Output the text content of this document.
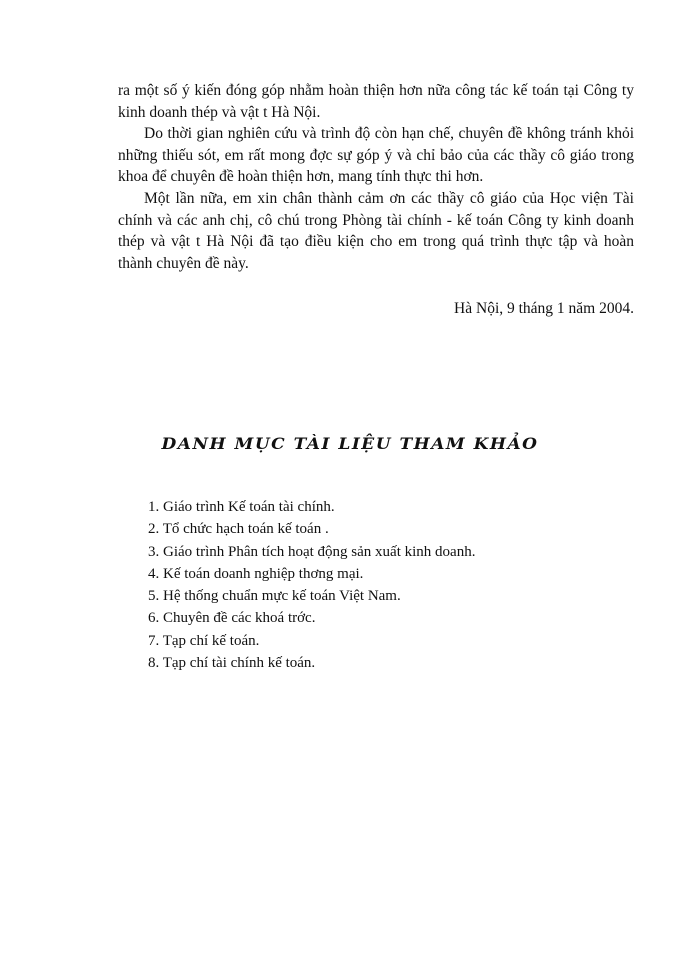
ra một số ý kiến đóng góp nhằm hoàn thiện hơn nữa công tác kế toán tại Công ty kinh doanh thép và vật t Hà Nội.

Do thời gian nghiên cứu và trình độ còn hạn chế, chuyên đề không tránh khỏi những thiếu sót, em rất mong đợc sự góp ý và chỉ bảo của các thầy cô giáo trong khoa để chuyên đề hoàn thiện hơn, mang tính thực thi hơn.

Một lần nữa, em xin chân thành cảm ơn các thầy cô giáo của Học viện Tài chính và các anh chị, cô chú trong Phòng tài chính - kế toán Công ty kinh doanh thép và vật t Hà Nội đã tạo điều kiện cho em trong quá trình thực tập và hoàn thành chuyên đề này.

Hà Nội, 9 tháng 1 năm 2004.
DANH MỤC TÀI LIỆU THAM KHẢO
1. Giáo trình Kế toán tài chính.
2. Tổ chức hạch toán kế toán .
3. Giáo trình Phân tích hoạt động sản xuất kinh doanh.
4. Kế toán doanh nghiệp thơng mại.
5. Hệ thống chuẩn mực kế toán Việt Nam.
6. Chuyên đề các khoá trớc.
7. Tạp chí kế toán.
8. Tạp chí tài chính kế toán.
